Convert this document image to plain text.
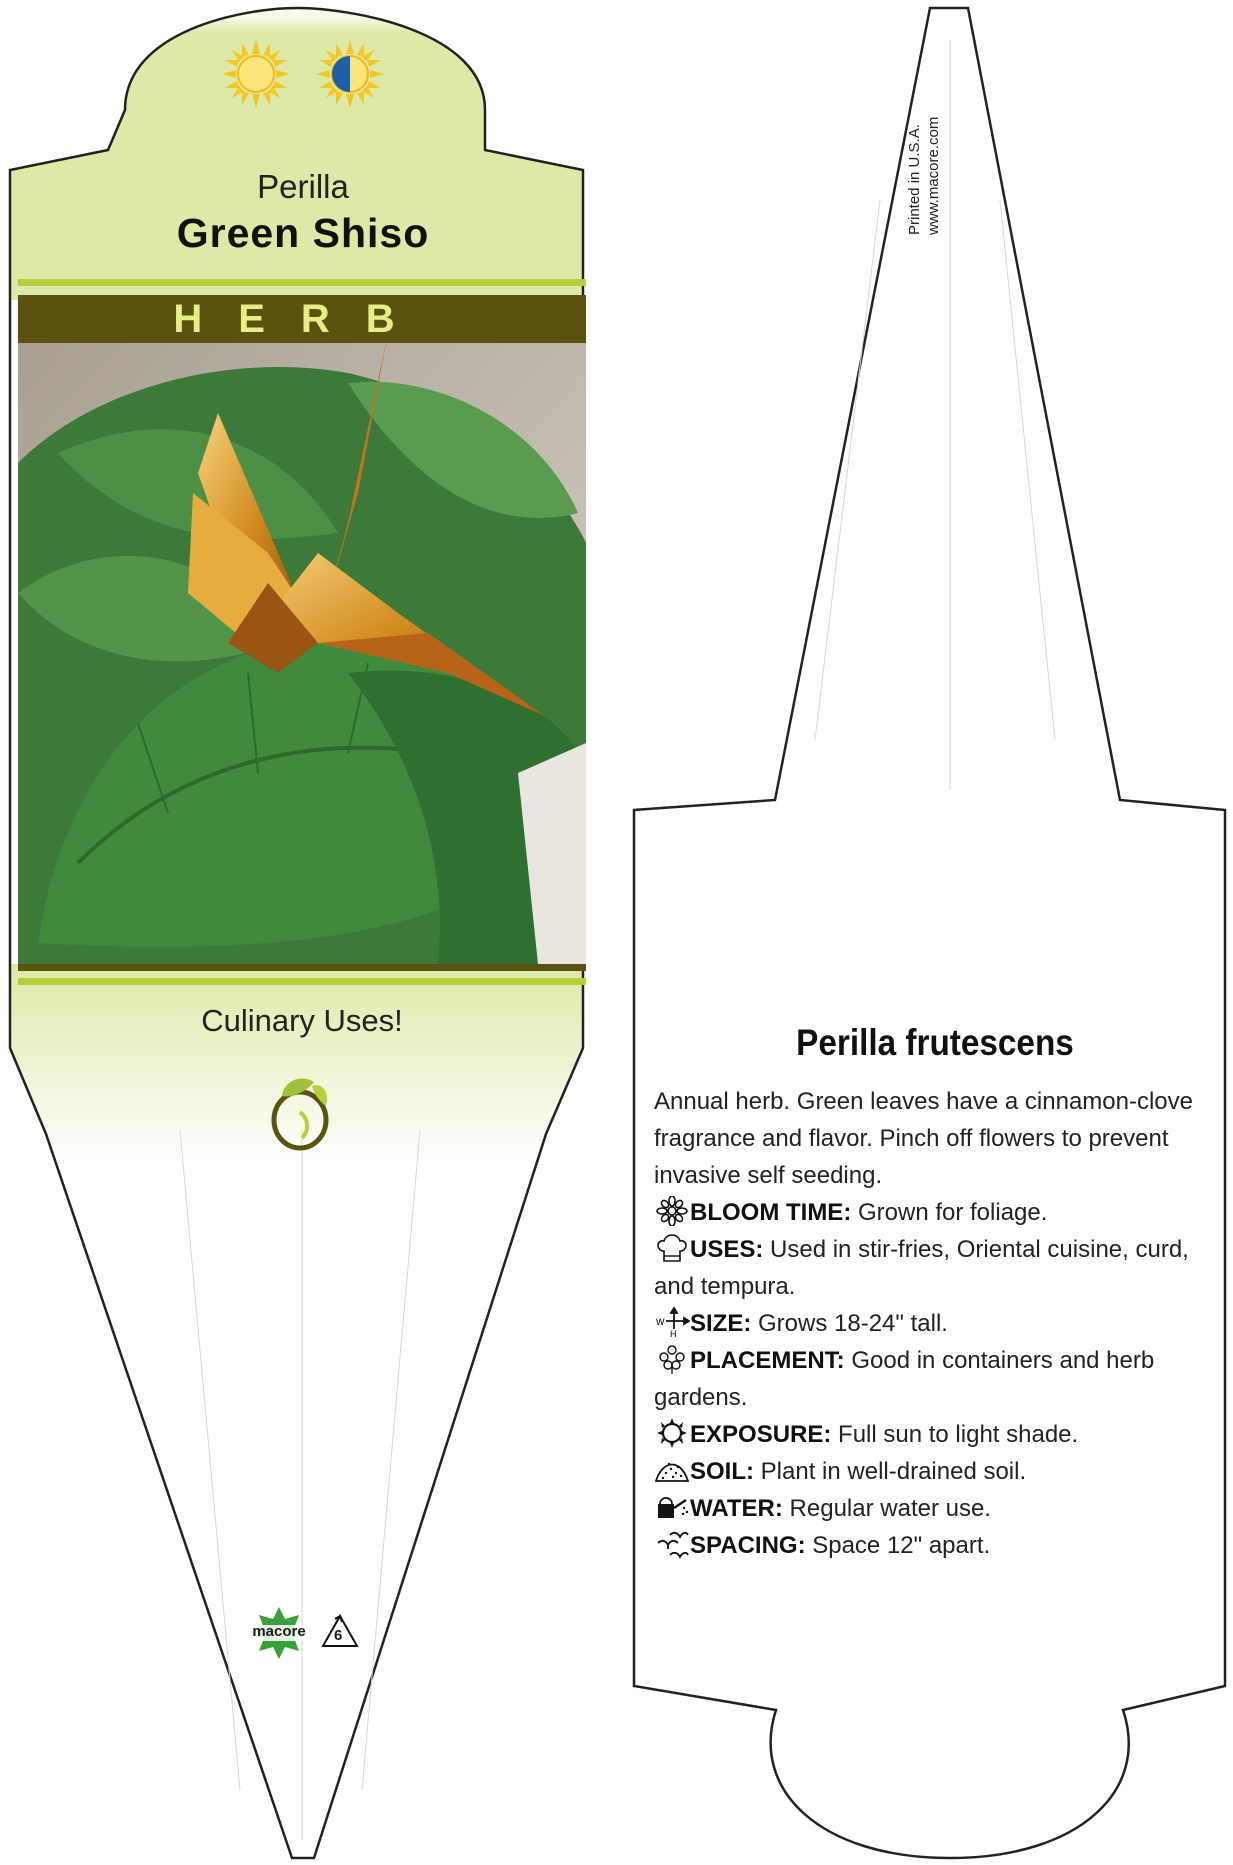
Perilla
Green Shiso
HERB
Culinary Uses!
macore	6
Printed in U.S.A. www.macore.com
Perilla frutescens

Annual herb. Green leaves have a cinnamon-clove fragrance and flavor. Pinch off flowers to prevent invasive self seeding.

BLOOM TIME: Grown for foliage.

USES: Used in stir-fries, Oriental cuisine, curd, and tempura.

W
H SIZE: Grows 18-24" tall.

PLACEMENT: Good in containers and herb gardens.

EXPOSURE: Full sun to light shade.

SOIL: Plant in well-drained soil.

WATER: Regular water use.

SPACING: Space 12" apart.
